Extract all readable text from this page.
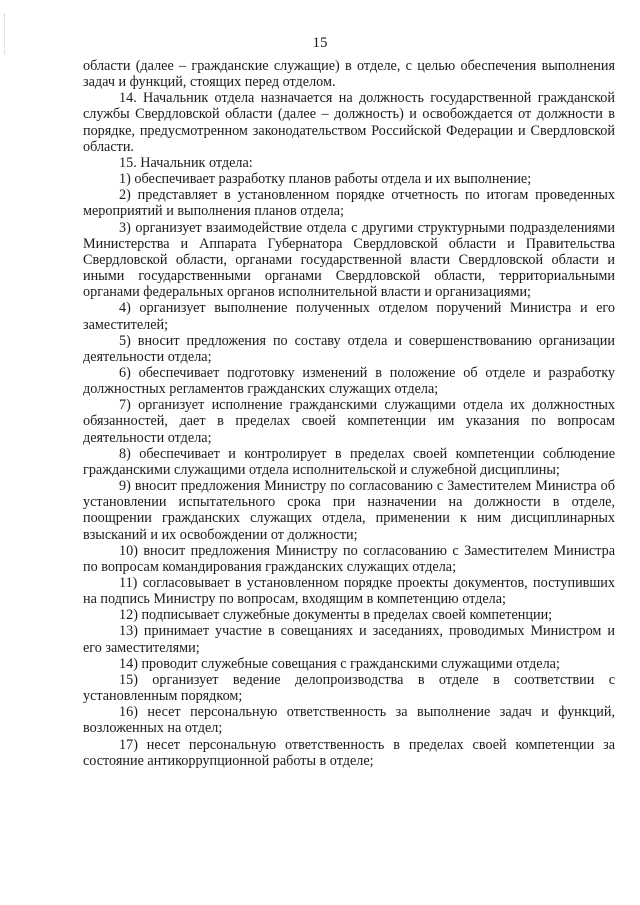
15

области (далее – гражданские служащие) в отделе, с целью обеспечения выполнения задач и функций, стоящих перед отделом.

14. Начальник отдела назначается на должность государственной гражданской службы Свердловской области (далее – должность) и освобождается от должности в порядке, предусмотренном законодательством Российской Федерации и Свердловской области.

15. Начальник отдела:

1) обеспечивает разработку планов работы отдела и их выполнение;

2) представляет в установленном порядке отчетность по итогам проведенных мероприятий и выполнения планов отдела;

3) организует взаимодействие отдела с другими структурными подразделениями Министерства и Аппарата Губернатора Свердловской области и Правительства Свердловской области, органами государственной власти Свердловской области и иными государственными органами Свердловской области, территориальными органами федеральных органов исполнительной власти и организациями;

4) организует выполнение полученных отделом поручений Министра и его заместителей;

5) вносит предложения по составу отдела и совершенствованию организации деятельности отдела;

6) обеспечивает подготовку изменений в положение об отделе и разработку должностных регламентов гражданских служащих отдела;

7) организует исполнение гражданскими служащими отдела их должностных обязанностей, дает в пределах своей компетенции им указания по вопросам деятельности отдела;

8) обеспечивает и контролирует в пределах своей компетенции соблюдение гражданскими служащими отдела исполнительской и служебной дисциплины;

9) вносит предложения Министру по согласованию с Заместителем Министра об установлении испытательного срока при назначении на должности в отделе, поощрении гражданских служащих отдела, применении к ним дисциплинарных взысканий и их освобождении от должности;

10) вносит предложения Министру по согласованию с Заместителем Министра по вопросам командирования гражданских служащих отдела;

11) согласовывает в установленном порядке проекты документов, поступивших на подпись Министру по вопросам, входящим в компетенцию отдела;

12) подписывает служебные документы в пределах своей компетенции;

13) принимает участие в совещаниях и заседаниях, проводимых Министром и его заместителями;

14) проводит служебные совещания с гражданскими служащими отдела;

15) организует ведение делопроизводства в отделе в соответствии с установленным порядком;

16) несет персональную ответственность за выполнение задач и функций, возложенных на отдел;

17) несет персональную ответственность в пределах своей компетенции за состояние антикоррупционной работы в отделе;
